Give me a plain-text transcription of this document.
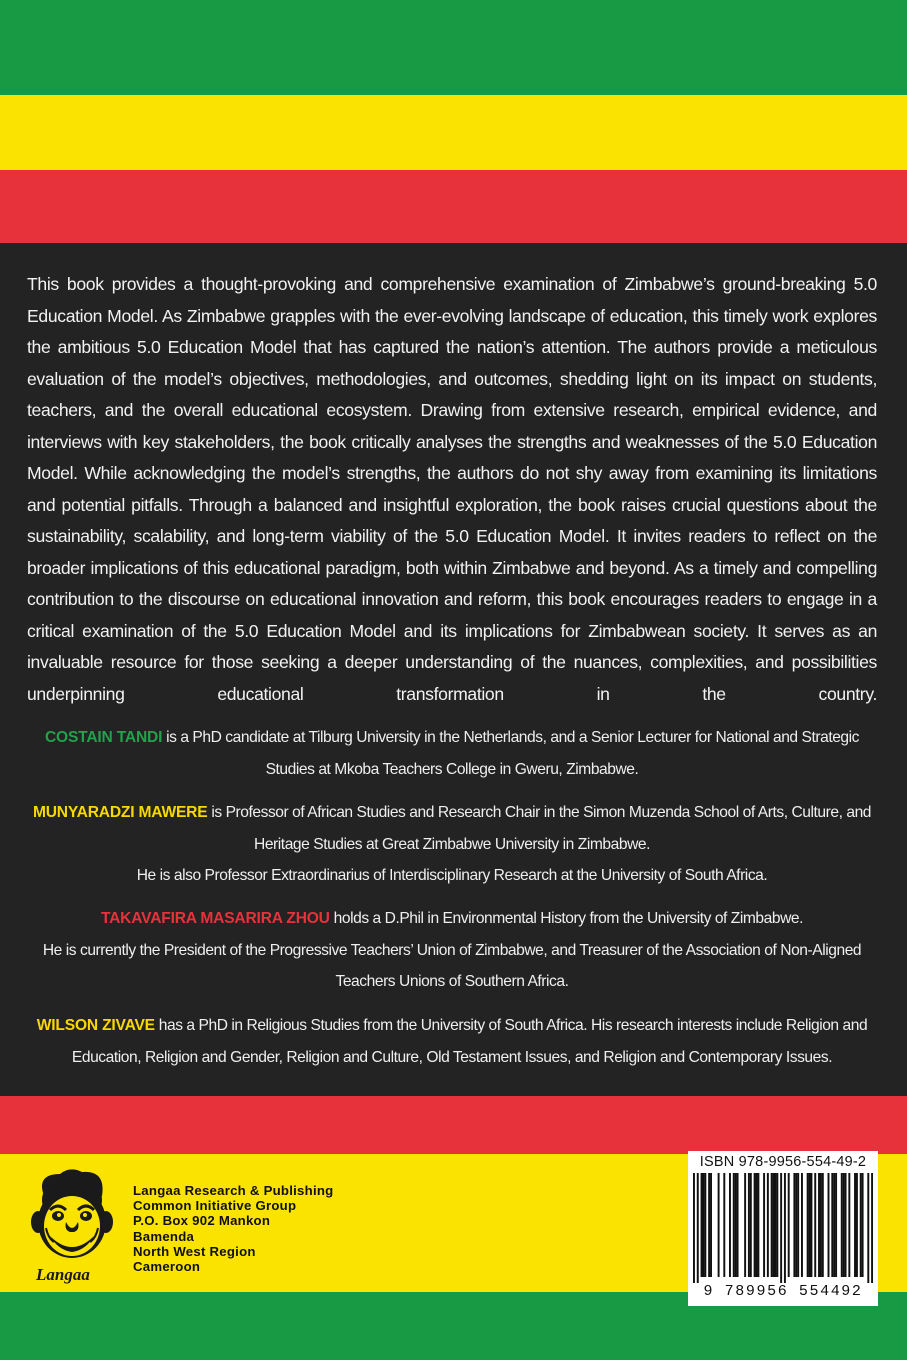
This book provides a thought-provoking and comprehensive examination of Zimbabwe’s ground-breaking 5.0 Education Model. As Zimbabwe grapples with the ever-evolving landscape of education, this timely work explores the ambitious 5.0 Education Model that has captured the nation’s attention. The authors provide a meticulous evaluation of the model’s objectives, methodologies, and outcomes, shedding light on its impact on students, teachers, and the overall educational ecosystem. Drawing from extensive research, empirical evidence, and interviews with key stakeholders, the book critically analyses the strengths and weaknesses of the 5.0 Education Model. While acknowledging the model’s strengths, the authors do not shy away from examining its limitations and potential pitfalls. Through a balanced and insightful exploration, the book raises crucial questions about the sustainability, scalability, and long-term viability of the 5.0 Education Model. It invites readers to reflect on the broader implications of this educational paradigm, both within Zimbabwe and beyond. As a timely and compelling contribution to the discourse on educational innovation and reform, this book encourages readers to engage in a critical examination of the 5.0 Education Model and its implications for Zimbabwean society. It serves as an invaluable resource for those seeking a deeper understanding of the nuances, complexities, and possibilities underpinning educational transformation in the country.

COSTAIN TANDI is a PhD candidate at Tilburg University in the Netherlands, and a Senior Lecturer for National and Strategic Studies at Mkoba Teachers College in Gweru, Zimbabwe.

MUNYARADZI MAWERE is Professor of African Studies and Research Chair in the Simon Muzenda School of Arts, Culture, and Heritage Studies at Great Zimbabwe University in Zimbabwe.

He is also Professor Extraordinarius of Interdisciplinary Research at the University of South Africa.

TAKAVAFIRA MASARIRA ZHOU holds a D.Phil in Environmental History from the University of Zimbabwe.

He is currently the President of the Progressive Teachers’ Union of Zimbabwe, and Treasurer of the Association of Non-Aligned Teachers Unions of Southern Africa.

WILSON ZIVAVE has a PhD in Religious Studies from the University of South Africa. His research interests include Religion and Education, Religion and Gender, Religion and Culture, Old Testament Issues, and Religion and Contemporary Issues.

Langaa
Langaa Research & Publishing
Common Initiative Group
P.O. Box 902 Mankon
Bamenda
North West Region
Cameroon

ISBN 978-9956-554-49-2

9 789956 554492
